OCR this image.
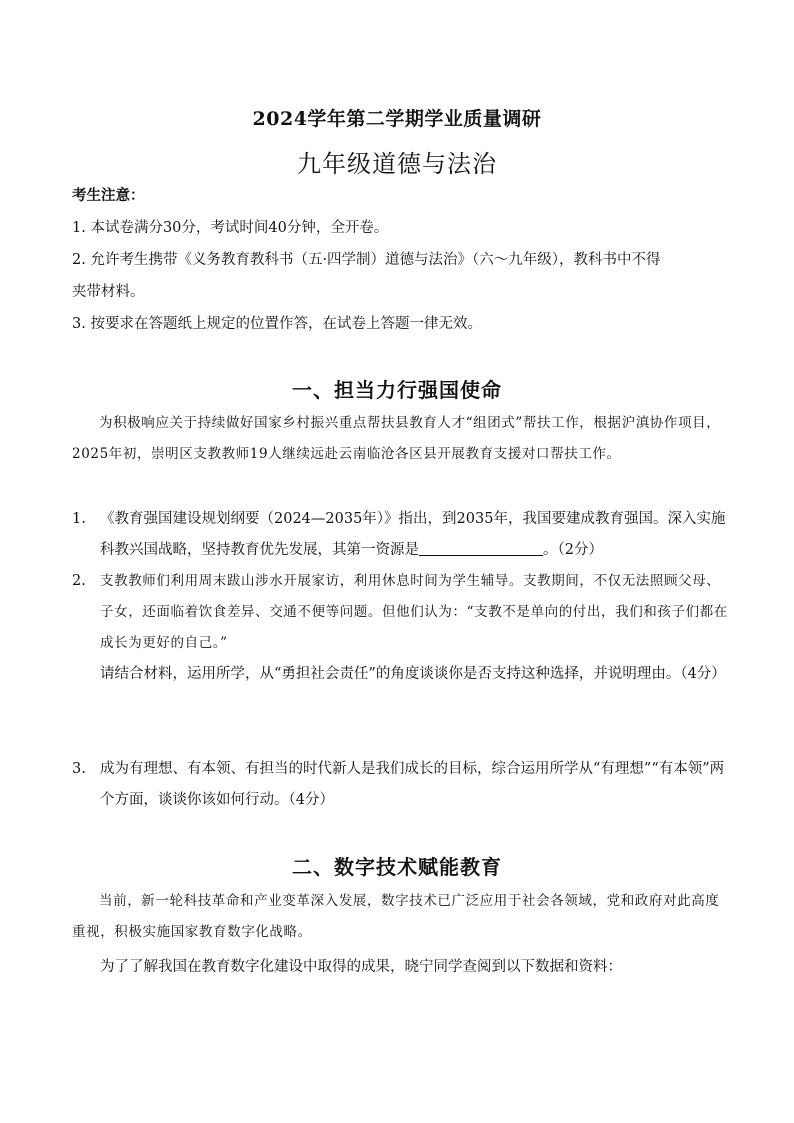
2024学年第二学期学业质量调研
九年级道德与法治
考生注意：
1. 本试卷满分30分，考试时间40分钟，全开卷。
2. 允许考生携带《义务教育教科书（五·四学制）道德与法治》（六～九年级），教科书中不得
夹带材料。
3. 按要求在答题纸上规定的位置作答，在试卷上答题一律无效。
一、担当力行强国使命
为积极响应关于持续做好国家乡村振兴重点帮扶县教育人才“组团式”帮扶工作，根据沪滇协作项目，2025年初，崇明区支教教师19人继续远赴云南临沧各区县开展教育支援对口帮扶工作。
1. 《教育强国建设规划纲要（2024—2035年）》指出，到2035年，我国要建成教育强国。深入实施科教兴国战略，坚持教育优先发展，其第一资源是	。（2分）
2. 支教教师们利用周末跋山涉水开展家访，利用休息时间为学生辅导。支教期间，不仅无法照顾父母、子女，还面临着饮食差异、交通不便等问题。但他们认为：“支教不是单向的付出，我们和孩子们都在成长为更好的自己。”
请结合材料，运用所学，从“勇担社会责任”的角度谈谈你是否支持这种选择，并说明理由。（4分）
3. 成为有理想、有本领、有担当的时代新人是我们成长的目标，综合运用所学从“有理想”“有本领”两个方面，谈谈你该如何行动。（4分）
二、数字技术赋能教育
当前，新一轮科技革命和产业变革深入发展，数字技术已广泛应用于社会各领域，党和政府对此高度重视，积极实施国家教育数字化战略。
为了了解我国在教育数字化建设中取得的成果，晓宁同学查阅到以下数据和资料：
